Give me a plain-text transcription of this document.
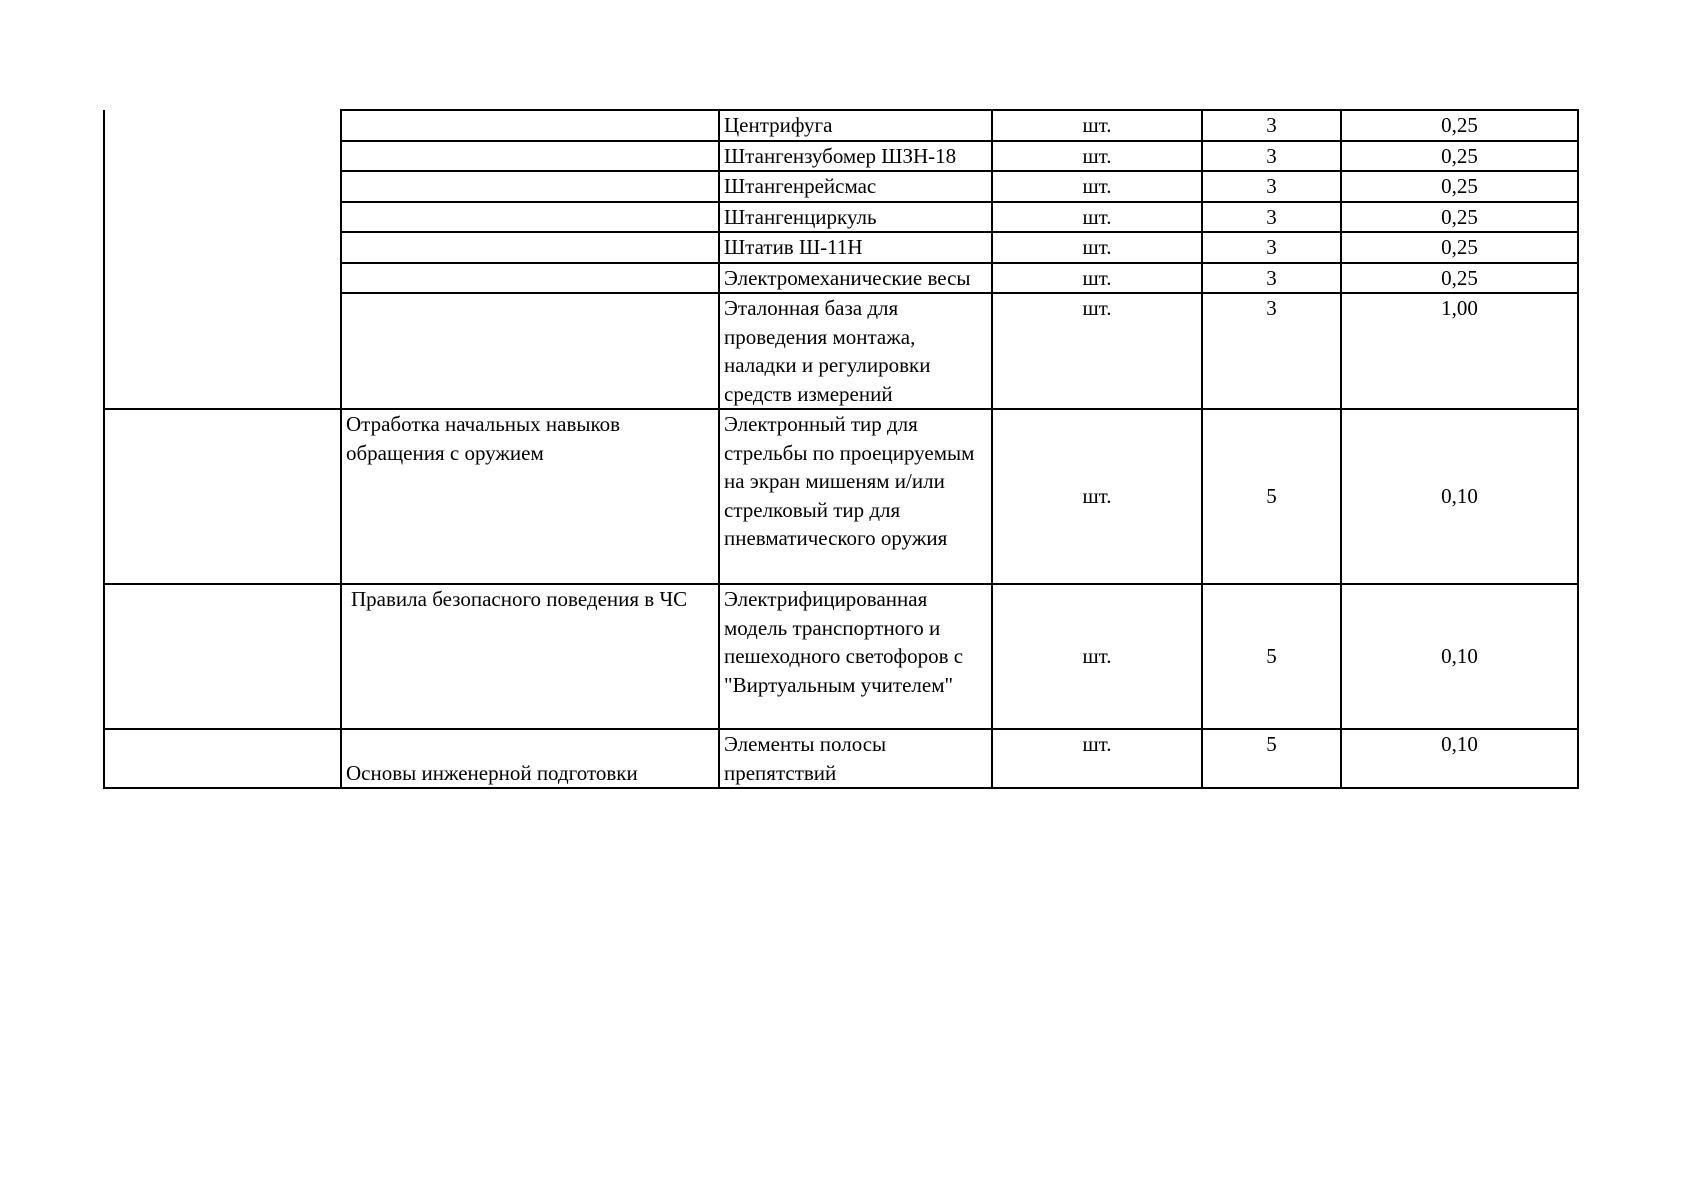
		Центрифуга	шт.	3	0,25
		Штангензубомер ШЗН-18	шт.	3	0,25
		Штангенрейсмас	шт.	3	0,25
		Штангенциркуль	шт.	3	0,25
		Штатив Ш-11Н	шт.	3	0,25
		Электромеханические весы	шт.	3	0,25
		Эталонная база для проведения монтажа, наладки и регулировки средств измерений	шт.	3	1,00
	Отработка начальных навыков обращения с оружием	Электронный тир для стрельбы по проецируемым на экран мишеням и/или стрелковый тир для пневматического оружия	шт.	5	0,10
	Правила безопасного поведения в ЧС	Электрифицированная модель транспортного и пешеходного светофоров с "Виртуальным учителем"	шт.	5	0,10
	Основы инженерной подготовки	Элементы полосы препятствий	шт.	5	0,10
